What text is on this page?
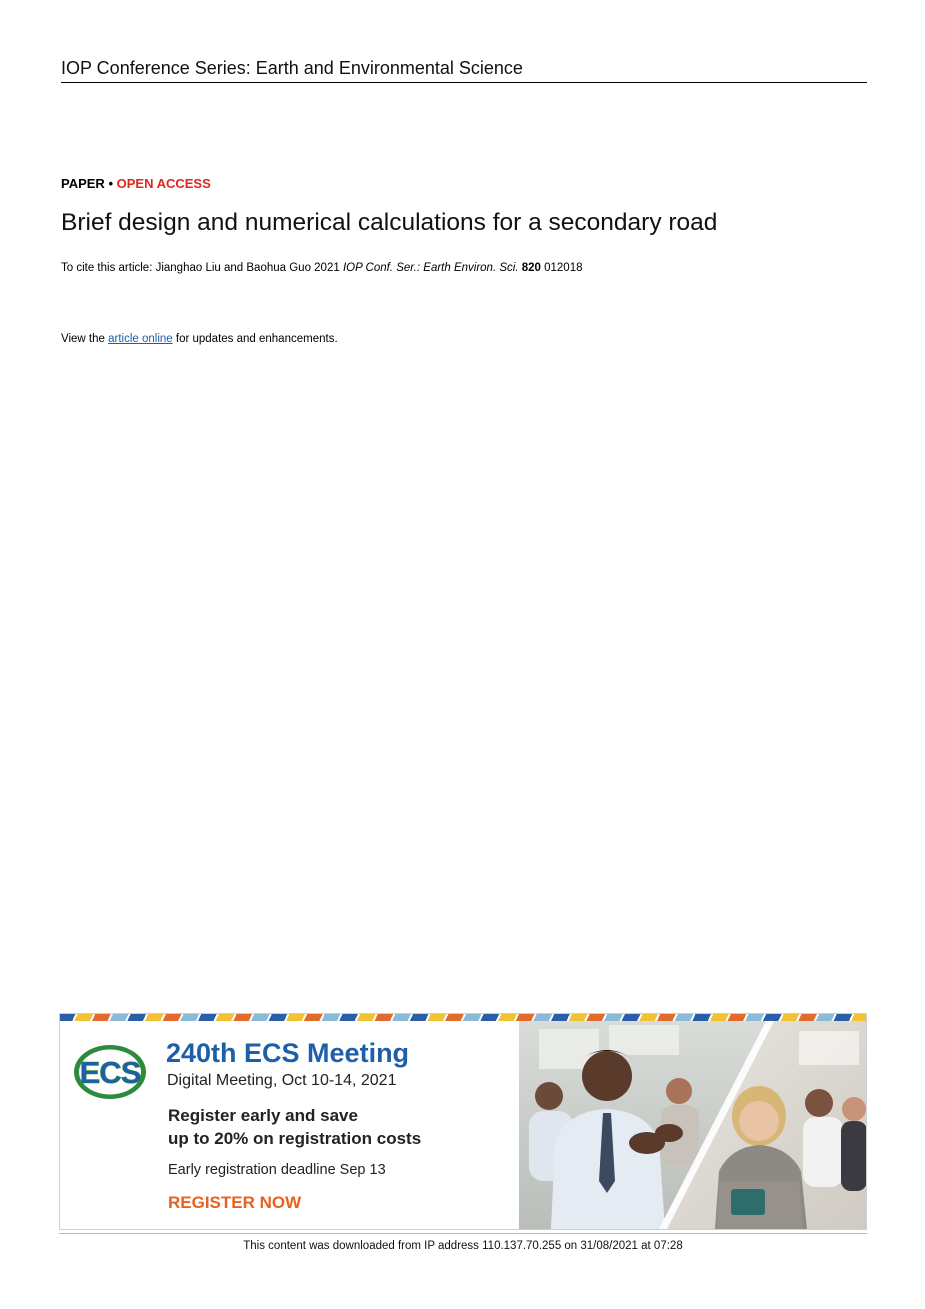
IOP Conference Series: Earth and Environmental Science
PAPER • OPEN ACCESS
Brief design and numerical calculations for a secondary road
To cite this article: Jianghao Liu and Baohua Guo 2021 IOP Conf. Ser.: Earth Environ. Sci. 820 012018
View the article online for updates and enhancements.
ECS
240th ECS Meeting
Digital Meeting, Oct 10-14, 2021
Register early and save
up to 20% on registration costs
Early registration deadline Sep 13
REGISTER NOW
This content was downloaded from IP address 110.137.70.255 on 31/08/2021 at 07:28
